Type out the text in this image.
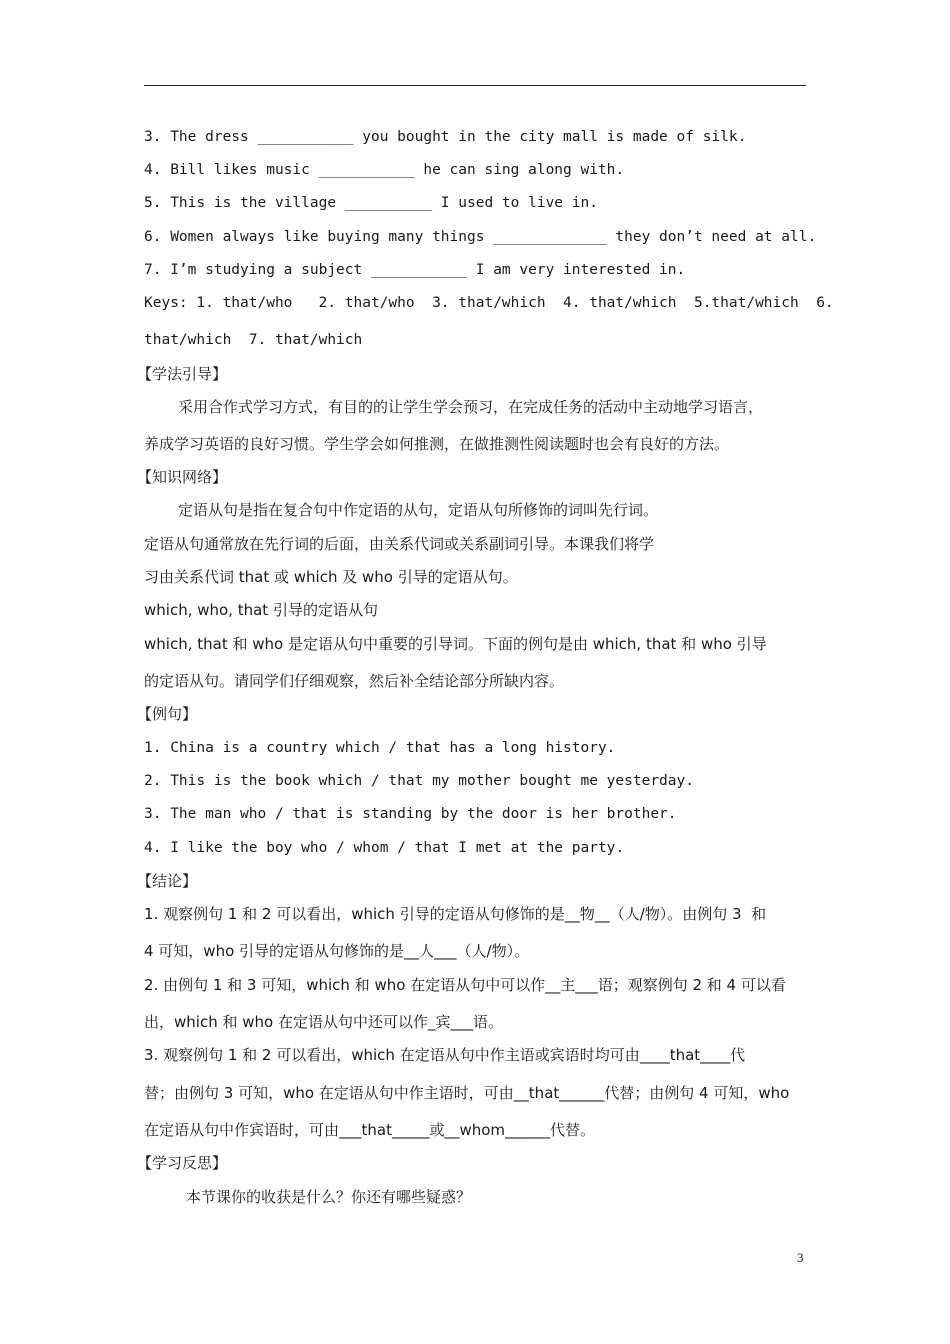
3. The dress ___________ you bought in the city mall is made of silk.
4. Bill likes music ___________ he can sing along with.
5. This is the village __________ I used to live in.
6. Women always like buying many things _____________ they don’t need at all.
7. I’m studying a subject ___________ I am very interested in.
Keys: 1. that/who   2. that/who  3. that/which  4. that/which  5.that/which  6.
that/which  7. that/which
【学法引导】
采用合作式学习方式，有目的的让学生学会预习，在完成任务的活动中主动地学习语言，
养成学习英语的良好习惯。学生学会如何推测，在做推测性阅读题时也会有良好的方法。
【知识网络】
定语从句是指在复合句中作定语的从句，定语从句所修饰的词叫先行词。
定语从句通常放在先行词的后面，由关系代词或关系副词引导。本课我们将学
习由关系代词 that 或 which 及 who 引导的定语从句。
which, who, that 引导的定语从句
which, that 和 who 是定语从句中重要的引导词。下面的例句是由 which, that 和 who 引导
的定语从句。请同学们仔细观察，然后补全结论部分所缺内容。
【例句】
1. China is a country which / that has a long history.
2. This is the book which / that my mother bought me yesterday.
3. The man who / that is standing by the door is her brother.
4. I like the boy who / whom / that I met at the party.
【结论】
1. 观察例句 1 和 2 可以看出，which 引导的定语从句修饰的是__物__（人/物）。由例句 3  和
4 可知，who 引导的定语从句修饰的是__人___（人/物）。
2. 由例句 1 和 3 可知，which 和 who 在定语从句中可以作__主___语；观察例句 2 和 4 可以看
出，which 和 who 在定语从句中还可以作_宾___语。
3. 观察例句 1 和 2 可以看出，which 在定语从句中作主语或宾语时均可由____that____代
替；由例句 3 可知，who 在定语从句中作主语时，可由__that______代替；由例句 4 可知，who
在定语从句中作宾语时，可由___that_____或__whom______代替。
【学习反思】
本节课你的收获是什么？你还有哪些疑惑？
3
